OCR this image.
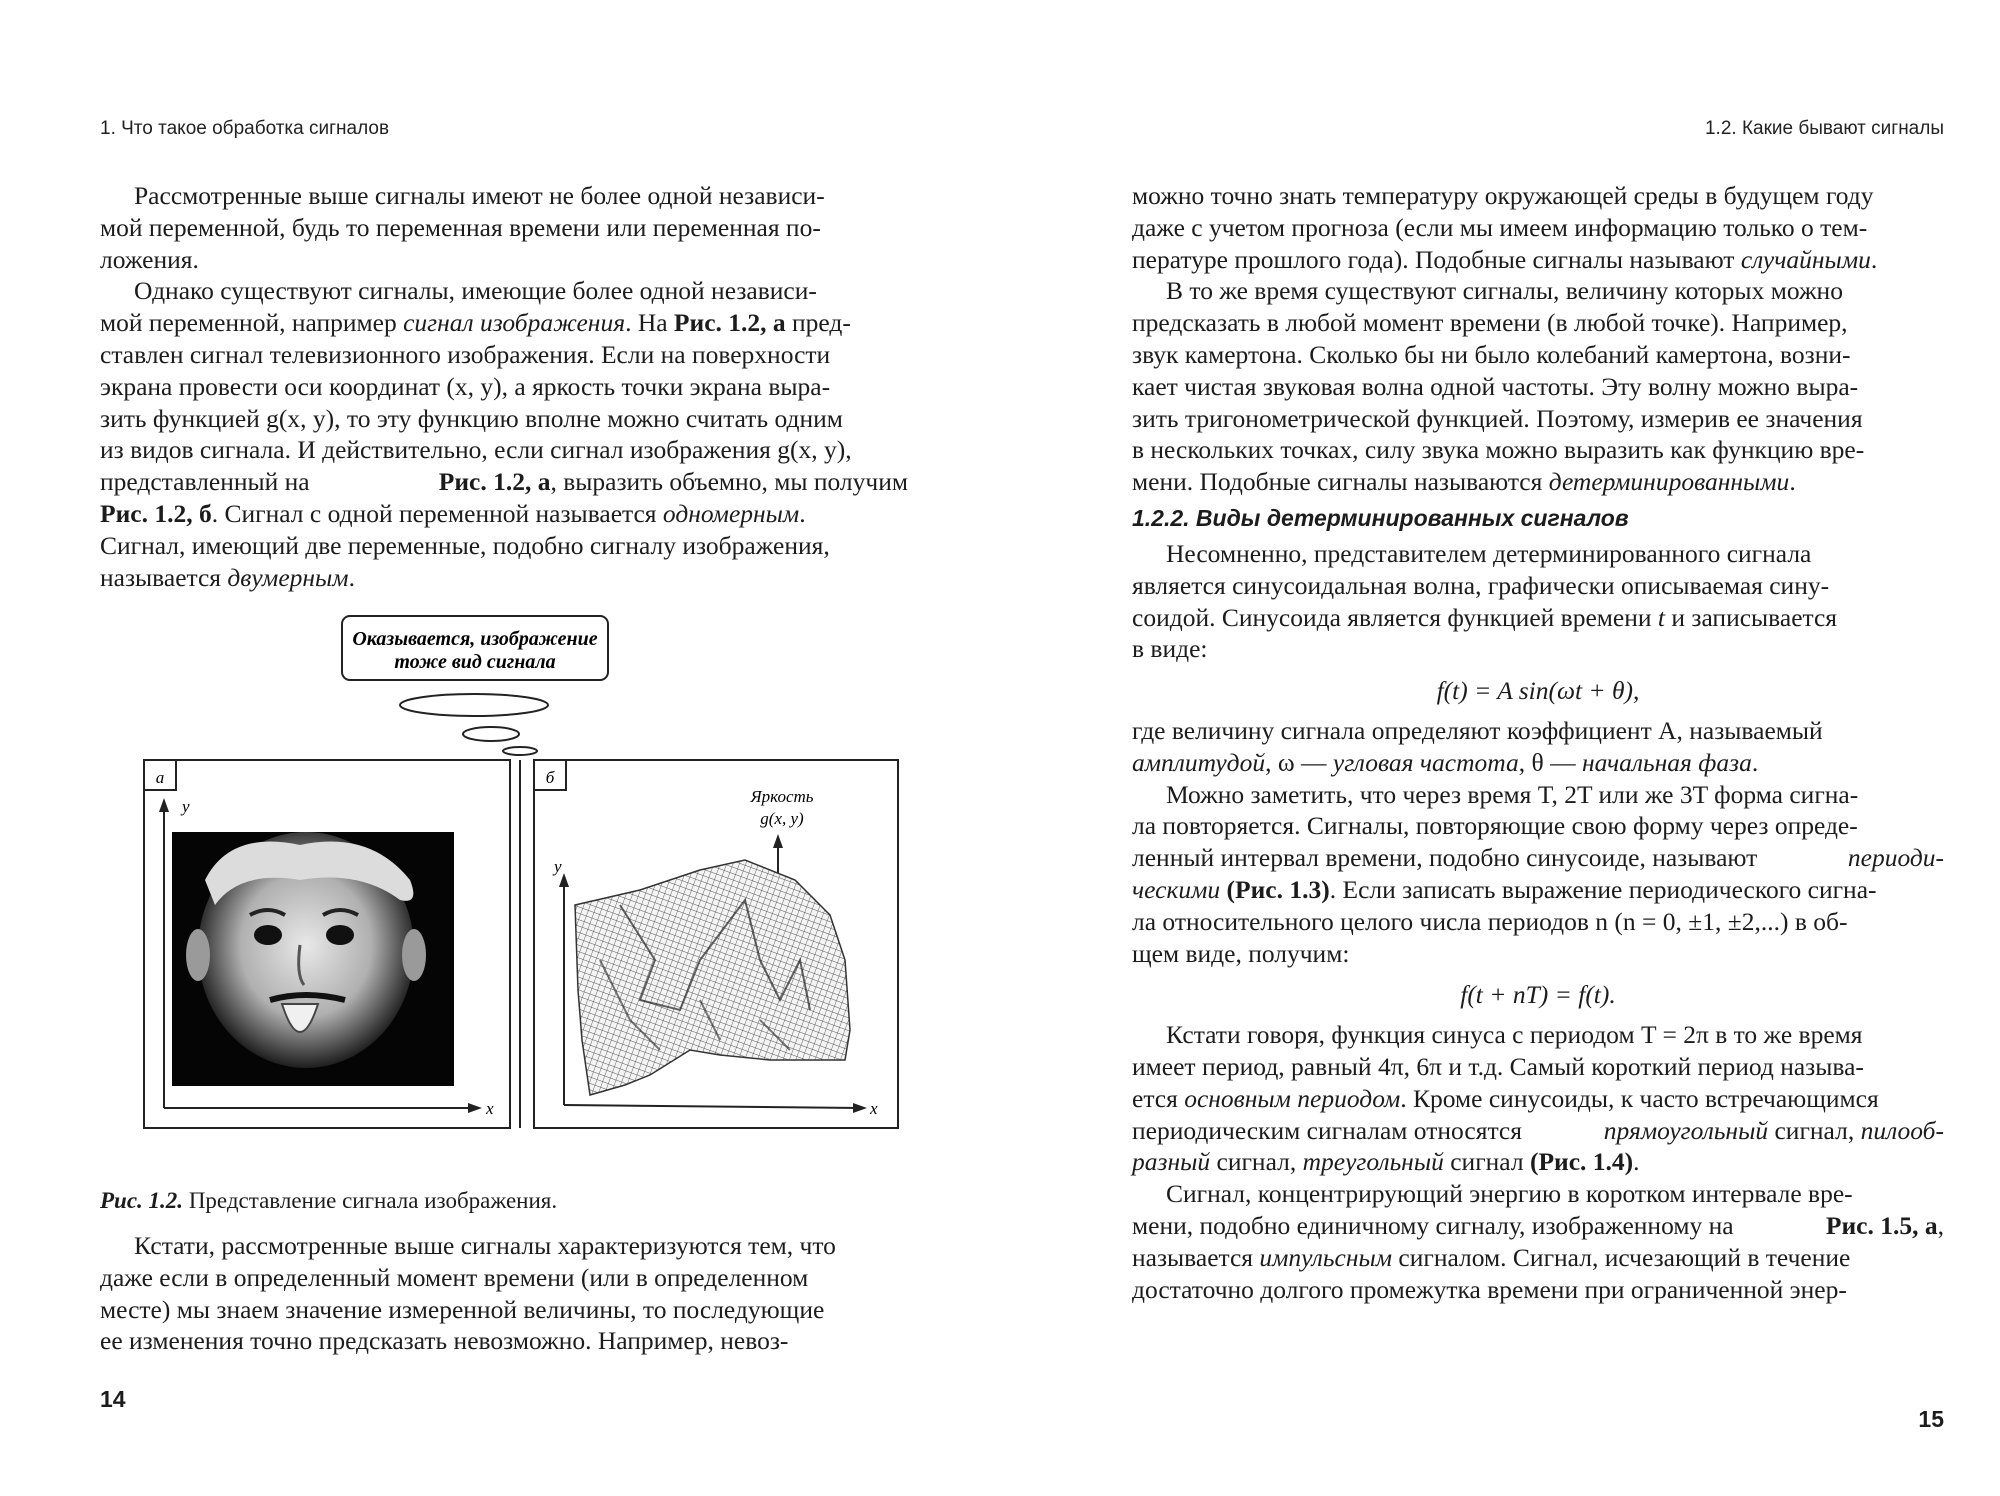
1. Что такое обработка сигналов
Рассмотренные выше сигналы имеют не более одной независи-
мой переменной, будь то переменная времени или переменная по-
ложения.
Однако существуют сигналы, имеющие более одной независи-
мой переменной, например сигнал изображения. На Рис. 1.2, а пред-
ставлен сигнал телевизионного изображения. Если на поверхности
экрана провести оси координат (x, y), а яркость точки экрана выра-
зить функцией g(x, y), то эту функцию вполне можно считать одним
из видов сигнала. И действительно, если сигнал изображения g(x, y),
представленный на	Рис. 1.2, а, выразить объемно, мы получим
Рис. 1.2, б. Сигнал с одной переменной называется одномерным.
Сигнал, имеющий две переменные, подобно сигналу изображения,
называется двумерным.
Оказывается, изображение
тоже вид сигнала
а
y
x
б
y
x
Яркость
g(x, y)
Рис. 1.2. Представление сигнала изображения.
Кстати, рассмотренные выше сигналы характеризуются тем, что
даже если в определенный момент времени (или в определенном
месте) мы знаем значение измеренной величины, то последующие
ее изменения точно предсказать невозможно. Например, невоз-
14
1.2. Какие бывают сигналы
можно точно знать температуру окружающей среды в будущем году
даже с учетом прогноза (если мы имеем информацию только о тем-
пературе прошлого года). Подобные сигналы называют случайными.
В то же время существуют сигналы, величину которых можно
предсказать в любой момент времени (в любой точке). Например,
звук камертона. Сколько бы ни было колебаний камертона, возни-
кает чистая звуковая волна одной частоты. Эту волну можно выра-
зить тригонометрической функцией. Поэтому, измерив ее значения
в нескольких точках, силу звука можно выразить как функцию вре-
мени. Подобные сигналы называются детерминированными.
1.2.2. Виды детерминированных сигналов
Несомненно, представителем детерминированного сигнала
является синусоидальная волна, графически описываемая сину-
соидой. Синусоида является функцией времени t и записывается
в виде:
f(t) = A sin(ωt + θ),
где величину сигнала определяют коэффициент A, называемый
амплитудой, ω — угловая частота, θ — начальная фаза.
Можно заметить, что через время T, 2T или же 3T форма сигна-
ла повторяется. Сигналы, повторяющие свою форму через опреде-
ленный интервал времени, подобно синусоиде, называют	периоди-
ческими (Рис. 1.3). Если записать выражение периодического сигна-
ла относительного целого числа периодов n (n = 0, ±1, ±2,...) в об-
щем виде, получим:
f(t + nT) = f(t).
Кстати говоря, функция синуса с периодом T = 2π в то же время
имеет период, равный 4π, 6π и т.д. Самый короткий период называ-
ется основным периодом. Кроме синусоиды, к часто встречающимся
периодическим сигналам относятся	прямоугольный сигнал, пилооб-
разный сигнал, треугольный сигнал (Рис. 1.4).
Сигнал, концентрирующий энергию в коротком интервале вре-
мени, подобно единичному сигналу, изображенному на	Рис. 1.5, а,
называется импульсным сигналом. Сигнал, исчезающий в течение
достаточно долгого промежутка времени при ограниченной энер-
15
